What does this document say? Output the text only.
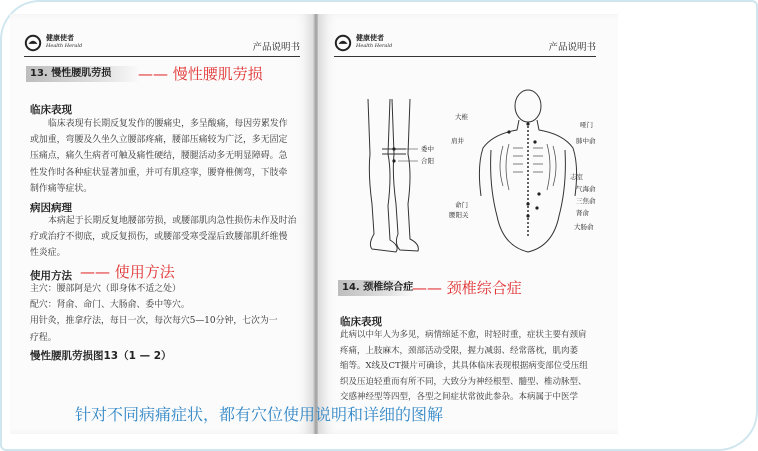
健康使者
Health Herald	产品说明书
13. 慢性腰肌劳损	—— 慢性腰肌劳损
临床表现
临床表现有长期反复发作的腰痛史，多呈酸痛，每因劳累发作
或加重，弯腰及久坐久立腰部疼痛，腰部压痛较为广泛，多无固定
压痛点，痛久生病者可触及痛性硬结，腰腿活动多无明显障碍。急
性发作时各种症状显著加重，并可有肌痉挛，腰脊椎侧弯，下肢牵
制作痛等症状。
病因病理
本病起于长期反复地腰部劳损，或腰部肌肉急性损伤未作及时治
疗或治疗不彻底，或反复损伤，或腰部受寒受湿后致腰部肌纤维慢
性炎症。
使用方法 —— 使用方法
主穴：腰部阿是穴（即身体不适之处）
配穴：肾俞、命门、大肠俞、委中等穴。
用针灸，推拿疗法，每日一次，每次每穴5—10分钟，七次为一
疗程。
慢性腰肌劳损图13（1 — 2）
健康使者
Health Herald	产品说明书
委中
合阳
大椎
肩井
哑门
肺中俞
志室
气海俞
命门
腰阳关
三焦俞
肾俞
大肠俞
14. 颈椎综合症
—— 颈椎综合症
临床表现
此病以中年人为多见，病情绵延不愈，时轻时重，症状主要有颈肩
疼痛，上肢麻木，颈部活动受限，握力减弱、经常落枕，肌肉萎
缩等。X线及CT摄片可确诊，其具体临床表现根据病变部位受压组
织及压迫轻重而有所不同，大致分为神经根型、髓型、椎动脉型、
交感神经型等四型，各型之间症状常彼此参杂。本病属于中医学
针对不同病痛症状，都有穴位使用说明和详细的图解
